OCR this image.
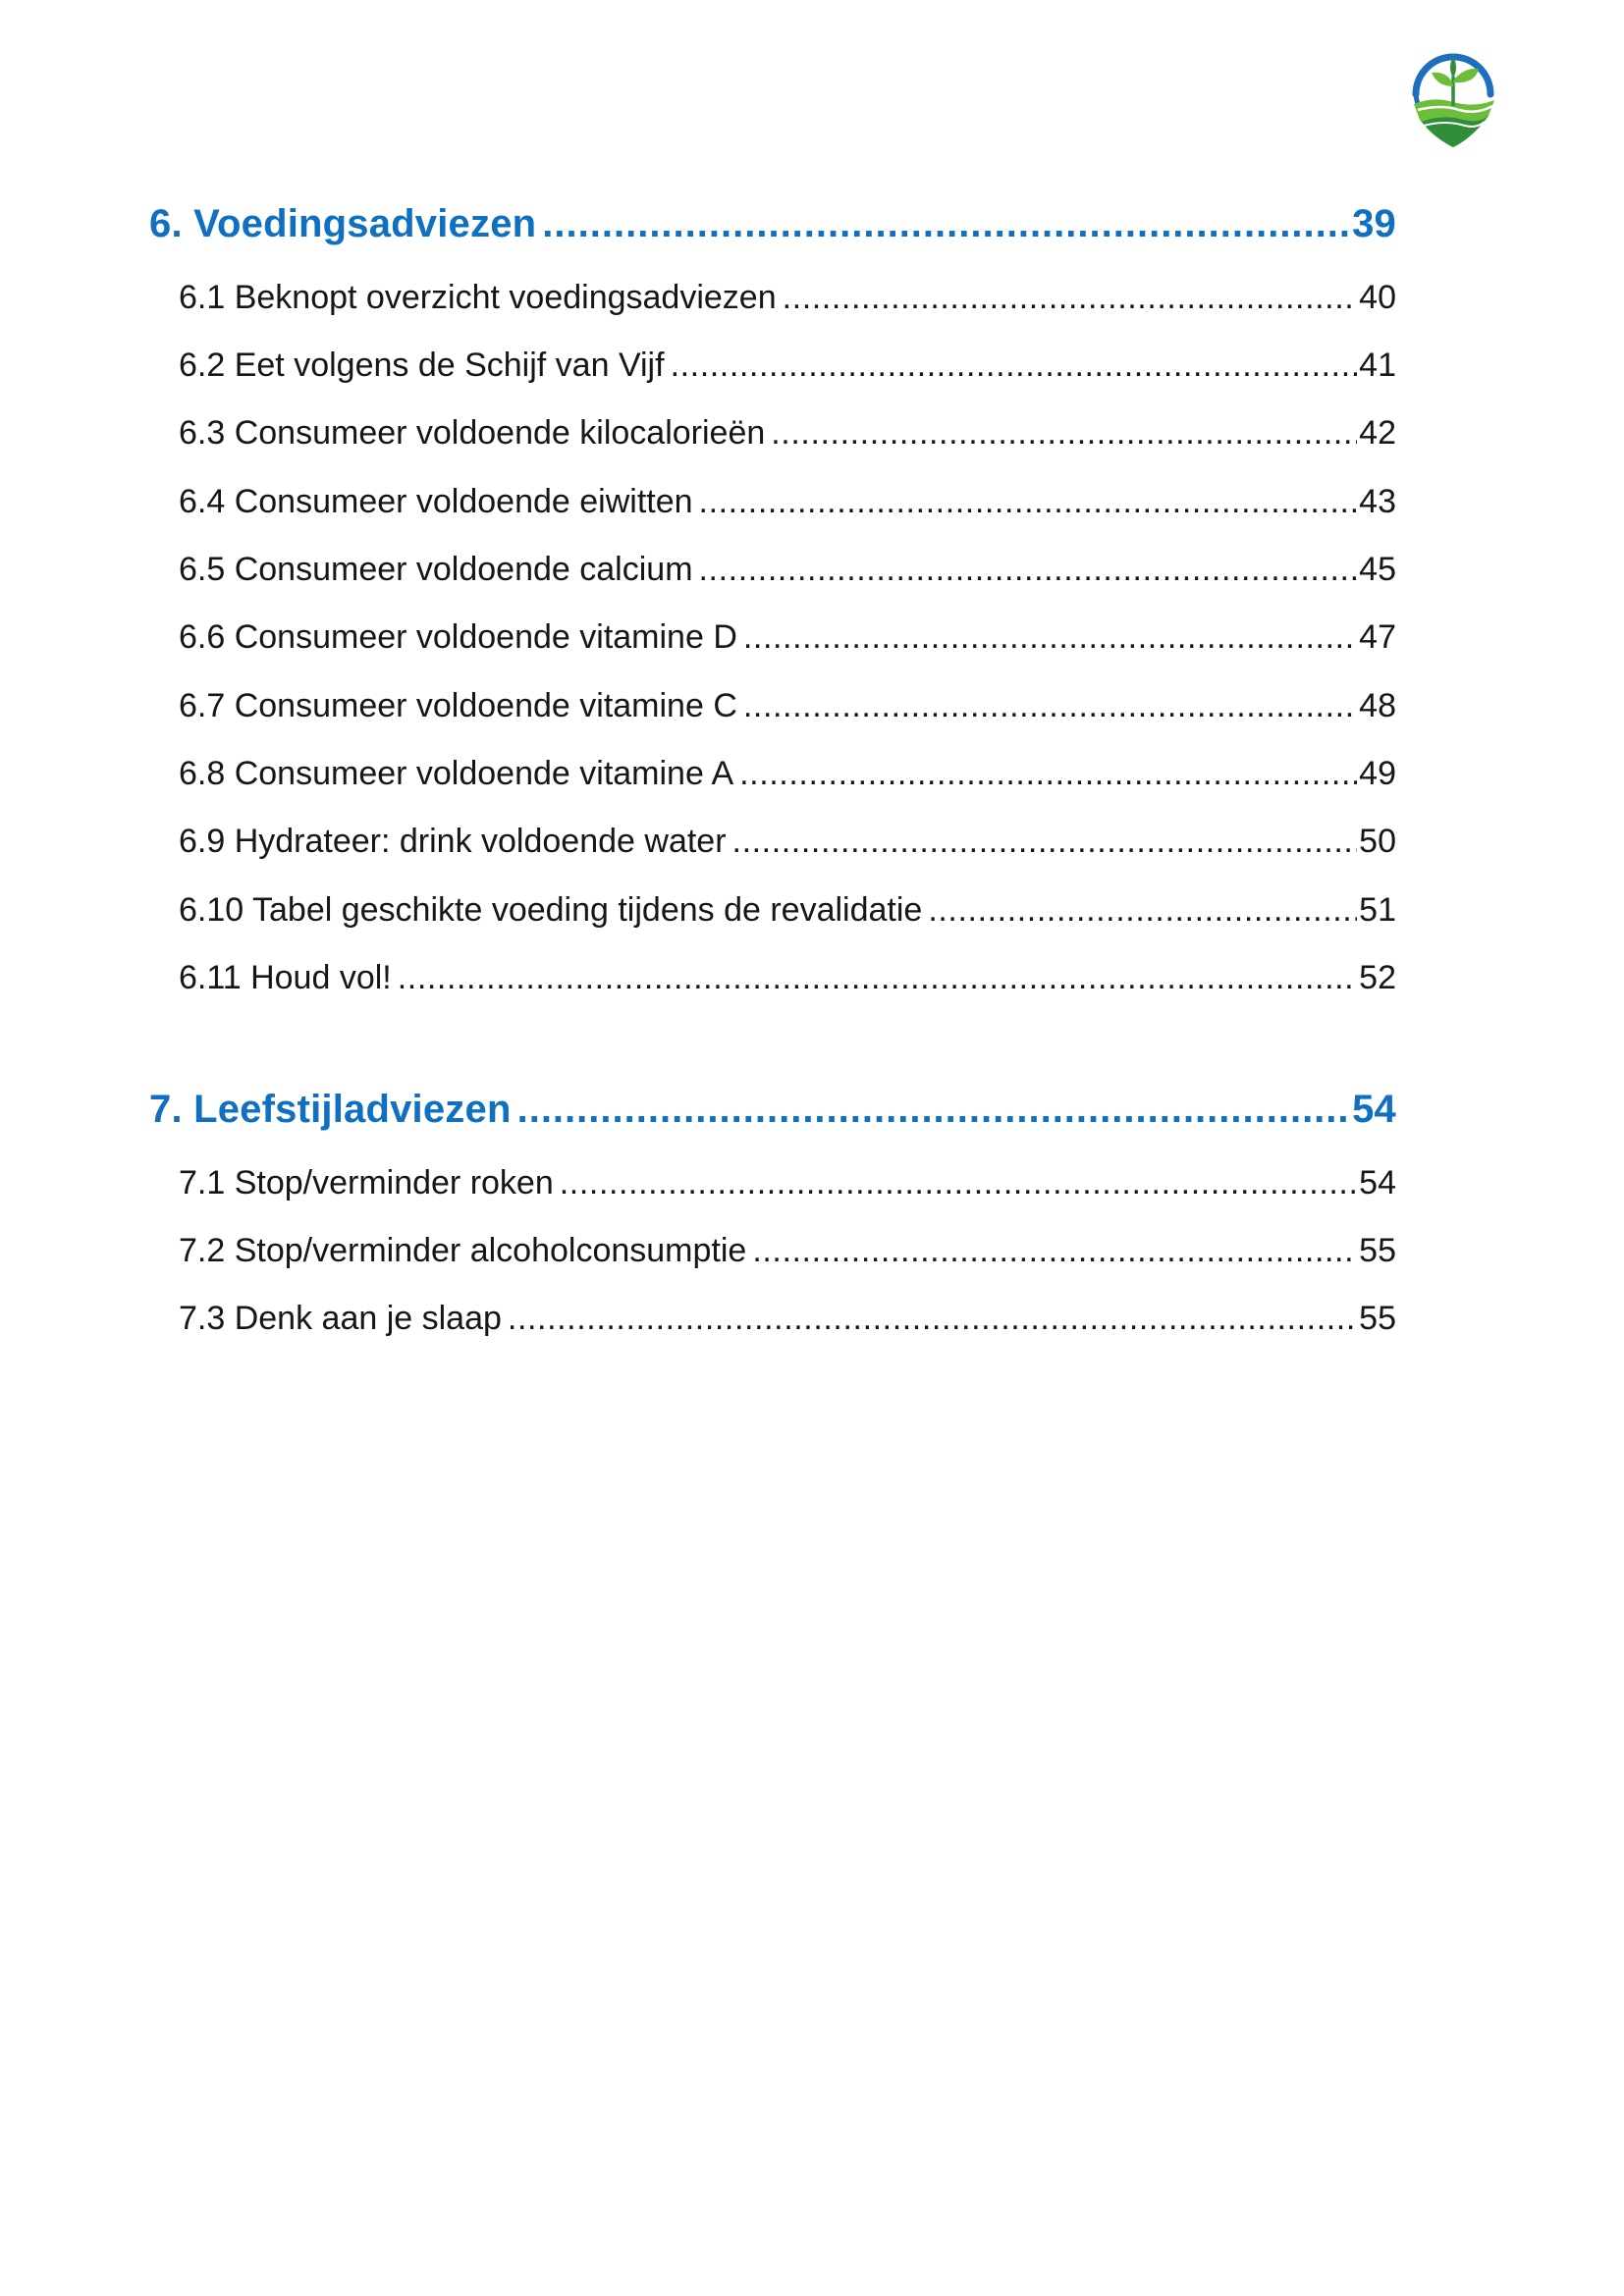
6. Voedingsadviezen .....	39
6.1 Beknopt overzicht voedingsadviezen .....	40
6.2 Eet volgens de Schijf van Vijf .....	41
6.3 Consumeer voldoende kilocalorieën .....	42
6.4 Consumeer voldoende eiwitten .....	43
6.5 Consumeer voldoende calcium .....	45
6.6 Consumeer voldoende vitamine D .....	47
6.7 Consumeer voldoende vitamine C .....	48
6.8 Consumeer voldoende vitamine A .....	49
6.9 Hydrateer: drink voldoende water .....	50
6.10 Tabel geschikte voeding tijdens de revalidatie .....	51
6.11 Houd vol! .....	52
7. Leefstijladviezen .....	54
7.1 Stop/verminder roken .....	54
7.2 Stop/verminder alcoholconsumptie .....	55
7.3 Denk aan je slaap .....	55
